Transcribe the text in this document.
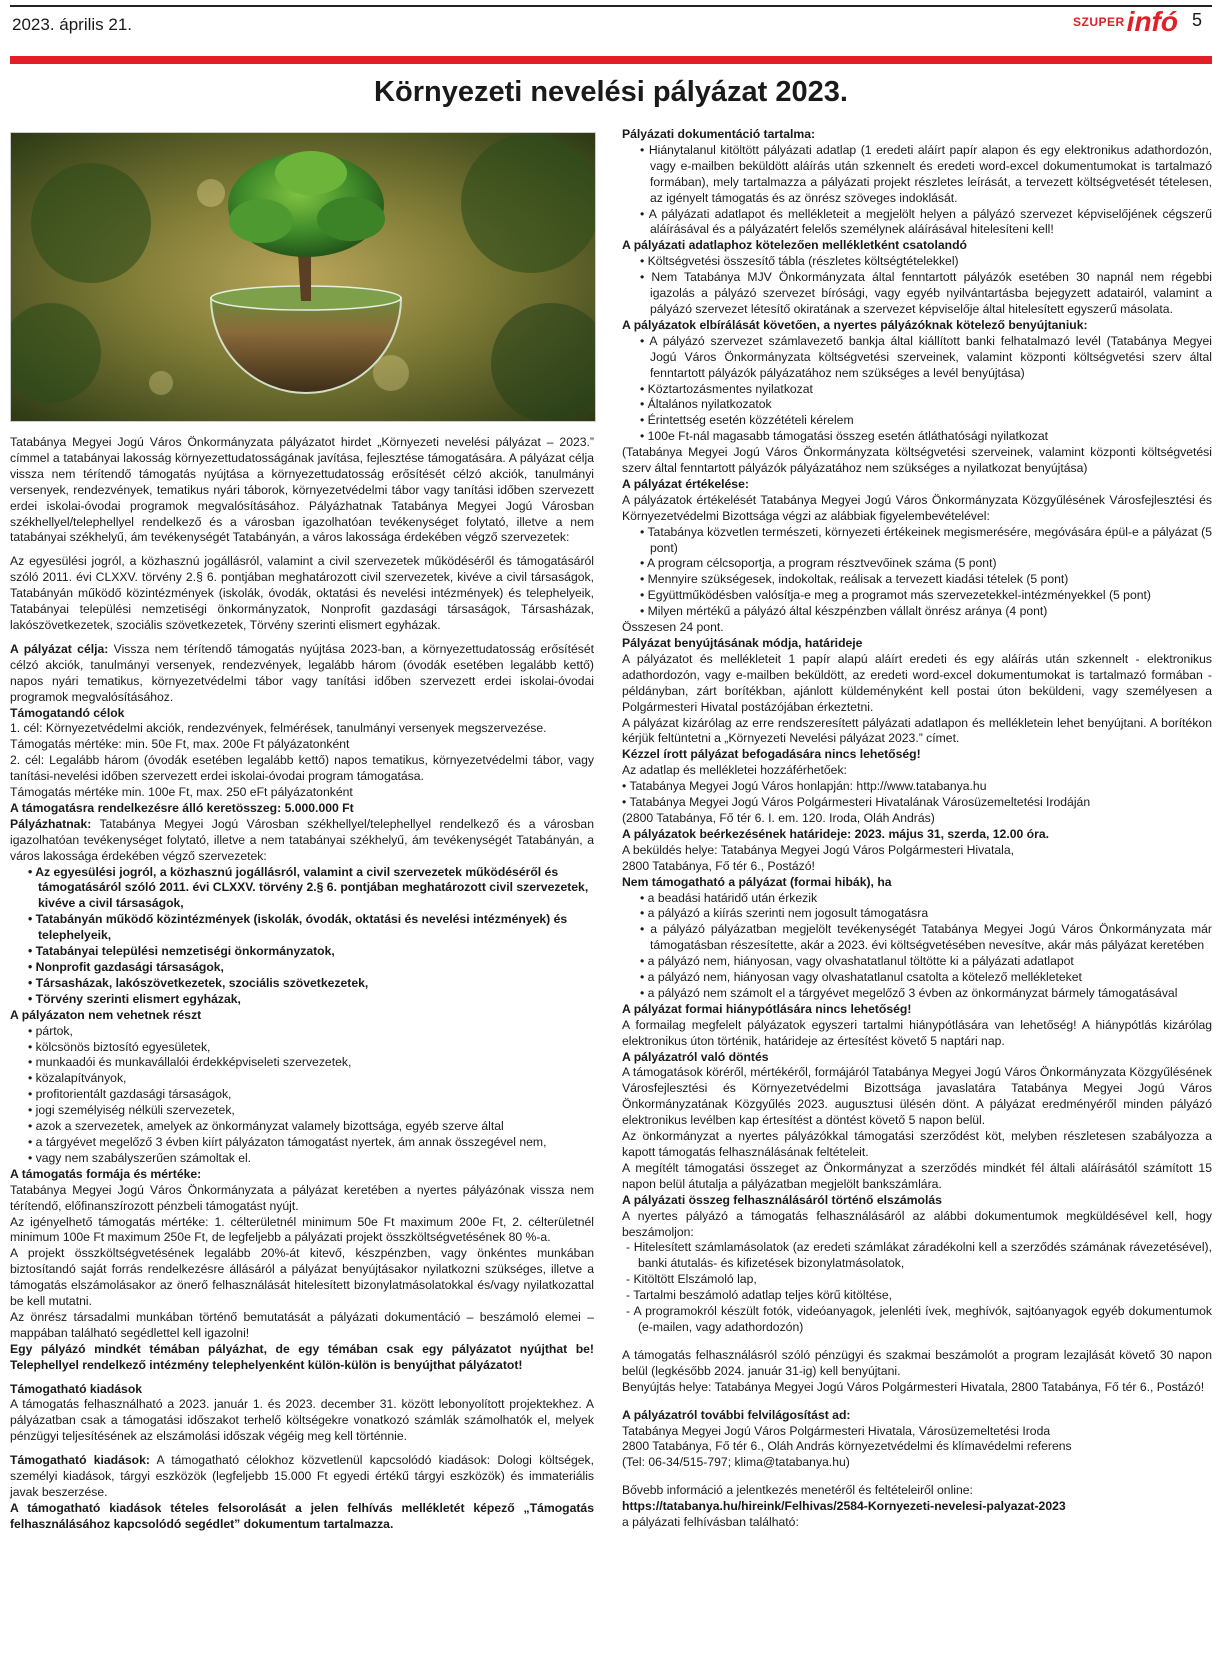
2023. április 21.	SZUPER infó 5
Környezeti nevelési pályázat 2023.

Tatabánya Megyei Jogú Város Önkormányzata pályázatot hirdet „Környezeti nevelési pályázat – 2023.” címmel a tatabányai lakosság környezettudatosságának javítása, fejlesztése támogatására. A pályázat célja vissza nem térítendő támogatás nyújtása a környezettudatosság erősítését célzó akciók, tanulmányi versenyek, rendezvények, tematikus nyári táborok, környezetvédelmi tábor vagy tanítási időben szervezett erdei iskolai-óvodai programok megvalósításához. Pályázhatnak Tatabánya Megyei Jogú Városban székhellyel/telephellyel rendelkező és a városban igazolhatóan tevékenységet folytató, illetve a nem tatabányai székhelyű, ám tevékenységét Tatabányán, a város lakossága érdekében végző szervezetek:

Az egyesülési jogról, a közhasznú jogállásról, valamint a civil szervezetek működéséről és támogatásáról szóló 2011. évi CLXXV. törvény 2.§ 6. pontjában meghatározott civil szervezetek, kivéve a civil társaságok, Tatabányán működő közintézmények (iskolák, óvodák, oktatási és nevelési intézmények) és telephelyeik, Tatabányai települési nemzetiségi önkormányzatok, Nonprofit gazdasági társaságok, Társasházak, lakószövetkezetek, szociális szövetkezetek, Törvény szerinti elismert egyházak.

A pályázat célja: Vissza nem térítendő támogatás nyújtása 2023-ban, a környezettudatosság erősítését célzó akciók, tanulmányi versenyek, rendezvények, legalább három (óvodák esetében legalább kettő) napos nyári tematikus, környezetvédelmi tábor vagy tanítási időben szervezett erdei iskolai-óvodai programok megvalósításához.

Támogatandó célok

1. cél: Környezetvédelmi akciók, rendezvények, felmérések, tanulmányi versenyek megszervezése.

Támogatás mértéke: min. 50e Ft, max. 200e Ft pályázatonként

2. cél: Legalább három (óvodák esetében legalább kettő) napos tematikus, környezetvédelmi tábor, vagy tanítási-nevelési időben szervezett erdei iskolai-óvodai program támogatása.

Támogatás mértéke min. 100e Ft, max. 250 eFt pályázatonként

A támogatásra rendelkezésre álló keretösszeg: 5.000.000 Ft

Pályázhatnak: Tatabánya Megyei Jogú Városban székhellyel/telephellyel rendelkező és a városban igazolhatóan tevékenységet folytató, illetve a nem tatabányai székhelyű, ám tevékenységét Tatabányán, a város lakossága érdekében végző szervezetek:

• Az egyesülési jogról, a közhasznú jogállásról, valamint a civil szervezetek működéséről és támogatásáról szóló 2011. évi CLXXV. törvény 2.§ 6. pontjában meghatározott civil szervezetek, kivéve a civil társaságok,

• Tatabányán működő közintézmények (iskolák, óvodák, oktatási és nevelési intézmények) és telephelyeik,

• Tatabányai települési nemzetiségi önkormányzatok,

• Nonprofit gazdasági társaságok,

• Társasházak, lakószövetkezetek, szociális szövetkezetek,

• Törvény szerinti elismert egyházak,

A pályázaton nem vehetnek részt

• pártok,

• kölcsönös biztosító egyesületek,

• munkaadói és munkavállalói érdekképviseleti szervezetek,

• közalapítványok,

• profitorientált gazdasági társaságok,

• jogi személyiség nélküli szervezetek,

• azok a szervezetek, amelyek az önkormányzat valamely bizottsága, egyéb szerve által

• a tárgyévet megelőző 3 évben kiírt pályázaton támogatást nyertek, ám annak összegével nem,

• vagy nem szabályszerűen számoltak el.

A támogatás formája és mértéke:

Tatabánya Megyei Jogú Város Önkormányzata a pályázat keretében a nyertes pályázónak vissza nem térítendő, előfinanszírozott pénzbeli támogatást nyújt.

Az igényelhető támogatás mértéke: 1. célterületnél minimum 50e Ft maximum 200e Ft, 2. célterületnél minimum 100e Ft maximum 250e Ft, de legfeljebb a pályázati projekt összköltségvetésének 80 %-a.

A projekt összköltségvetésének legalább 20%-át kitevő, készpénzben, vagy önkéntes munkában biztosítandó saját forrás rendelkezésre állásáról a pályázat benyújtásakor nyilatkozni szükséges, illetve a támogatás elszámolásakor az önerő felhasználását hitelesített bizonylatmásolatokkal és/vagy nyilatkozattal be kell mutatni.

Az önrész társadalmi munkában történő bemutatását a pályázati dokumentáció – beszámoló elemei – mappában található segédlettel kell igazolni!

Egy pályázó mindkét témában pályázhat, de egy témában csak egy pályázatot nyújthat be! Telephellyel rendelkező intézmény telephelyenként külön-külön is benyújthat pályázatot!

Támogatható kiadások

A támogatás felhasználható a 2023. január 1. és 2023. december 31. között lebonyolított projektekhez. A pályázatban csak a támogatási időszakot terhelő költségekre vonatkozó számlák számolhatók el, melyek pénzügyi teljesítésének az elszámolási időszak végéig meg kell történnie.

Támogatható kiadások: A támogatható célokhoz közvetlenül kapcsolódó kiadások: Dologi költségek, személyi kiadások, tárgyi eszközök (legfeljebb 15.000 Ft egyedi értékű tárgyi eszközök) és immateriális javak beszerzése.

A támogatható kiadások tételes felsorolását a jelen felhívás mellékletét képező „Támogatás felhasználásához kapcsolódó segédlet” dokumentum tartalmazza.

Pályázati dokumentáció tartalma:

• Hiánytalanul kitöltött pályázati adatlap (1 eredeti aláírt papír alapon és egy elektronikus adathordozón, vagy e-mailben beküldött aláírás után szkennelt és eredeti word-excel dokumentumokat is tartalmazó formában), mely tartalmazza a pályázati projekt részletes leírását, a tervezett költségvetését tételesen, az igényelt támogatás és az önrész szöveges indoklását.

• A pályázati adatlapot és mellékleteit a megjelölt helyen a pályázó szervezet képviselőjének cégszerű aláírásával és a pályázatért felelős személynek aláírásával hitelesíteni kell!

A pályázati adatlaphoz kötelezően mellékletként csatolandó

• Költségvetési összesítő tábla (részletes költségtételekkel)

• Nem Tatabánya MJV Önkormányzata által fenntartott pályázók esetében 30 napnál nem régebbi igazolás a pályázó szervezet bírósági, vagy egyéb nyilvántartásba bejegyzett adatairól, valamint a pályázó szervezet létesítő okiratának a szervezet képviselője által hitelesített egyszerű másolata.

A pályázatok elbírálását követően, a nyertes pályázóknak kötelező benyújtaniuk:

• A pályázó szervezet számlavezető bankja által kiállított banki felhatalmazó levél (Tatabánya Megyei Jogú Város Önkormányzata költségvetési szerveinek, valamint központi költségvetési szerv által fenntartott pályázók pályázatához nem szükséges a levél benyújtása)

• Köztartozásmentes nyilatkozat

• Általános nyilatkozatok

• Érintettség esetén közzétételi kérelem

• 100e Ft-nál magasabb támogatási összeg esetén átláthatósági nyilatkozat

(Tatabánya Megyei Jogú Város Önkormányzata költségvetési szerveinek, valamint központi költségvetési szerv által fenntartott pályázók pályázatához nem szükséges a nyilatkozat benyújtása)

A pályázat értékelése:

A pályázatok értékelését Tatabánya Megyei Jogú Város Önkormányzata Közgyűlésének Városfejlesztési és Környezetvédelmi Bizottsága végzi az alábbiak figyelembevételével:

• Tatabánya közvetlen természeti, környezeti értékeinek megismerésére, megóvására épül-e a pályázat (5 pont)

• A program célcsoportja, a program résztvevőinek száma (5 pont)

• Mennyire szükségesek, indokoltak, reálisak a tervezett kiadási tételek (5 pont)

• Együttműködésben valósítja-e meg a programot más szervezetekkel-intézményekkel (5 pont)

• Milyen mértékű a pályázó által készpénzben vállalt önrész aránya (4 pont)

Összesen 24 pont.

Pályázat benyújtásának módja, határideje

A pályázatot és mellékleteit 1 papír alapú aláírt eredeti és egy aláírás után szkennelt - elektronikus adathordozón, vagy e-mailben beküldött, az eredeti word-excel dokumentumokat is tartalmazó formában - példányban, zárt borítékban, ajánlott küldeményként kell postai úton beküldeni, vagy személyesen a Polgármesteri Hivatal postázójában érkeztetni.

A pályázat kizárólag az erre rendszeresített pályázati adatlapon és mellékletein lehet benyújtani. A borítékon kérjük feltüntetni a „Környezeti Nevelési pályázat 2023.” címet.

Kézzel írott pályázat befogadására nincs lehetőség!

Az adatlap és mellékletei hozzáférhetőek:

• Tatabánya Megyei Jogú Város honlapján: http://www.tatabanya.hu

• Tatabánya Megyei Jogú Város Polgármesteri Hivatalának Városüzemeltetési Irodáján

(2800 Tatabánya, Fő tér 6. I. em. 120. Iroda, Oláh András)

A pályázatok beérkezésének határideje: 2023. május 31, szerda, 12.00 óra.

A beküldés helye: Tatabánya Megyei Jogú Város Polgármesteri Hivatala,

2800 Tatabánya, Fő tér 6., Postázó!

Nem támogatható a pályázat (formai hibák), ha

• a beadási határidő után érkezik

• a pályázó a kiírás szerinti nem jogosult támogatásra

• a pályázó pályázatban megjelölt tevékenységét Tatabánya Megyei Jogú Város Önkormányzata már támogatásban részesítette, akár a 2023. évi költségvetésében nevesítve, akár más pályázat keretében

• a pályázó nem, hiányosan, vagy olvashatatlanul töltötte ki a pályázati adatlapot

• a pályázó nem, hiányosan vagy olvashatatlanul csatolta a kötelező mellékleteket

• a pályázó nem számolt el a tárgyévet megelőző 3 évben az önkormányzat bármely támogatásával

A pályázat formai hiánypótlására nincs lehetőség!

A formailag megfelelt pályázatok egyszeri tartalmi hiánypótlására van lehetőség! A hiánypótlás kizárólag elektronikus úton történik, határideje az értesítést követő 5 naptári nap.

A pályázatról való döntés

A támogatások köréről, mértékéről, formájáról Tatabánya Megyei Jogú Város Önkormányzata Közgyűlésének Városfejlesztési és Környezetvédelmi Bizottsága javaslatára Tatabánya Megyei Jogú Város Önkormányzatának Közgyűlés 2023. augusztusi ülésén dönt. A pályázat eredményéről minden pályázó elektronikus levélben kap értesítést a döntést követő 5 napon belül.

Az önkormányzat a nyertes pályázókkal támogatási szerződést köt, melyben részletesen szabályozza a kapott támogatás felhasználásának feltételeit.

A megítélt támogatási összeget az Önkormányzat a szerződés mindkét fél általi aláírásától számított 15 napon belül átutalja a pályázatban megjelölt bankszámlára.

A pályázati összeg felhasználásáról történő elszámolás

A nyertes pályázó a támogatás felhasználásáról az alábbi dokumentumok megküldésével kell, hogy beszámoljon:

- Hitelesített számlamásolatok (az eredeti számlákat záradékolni kell a szerződés számának rávezetésével), banki átutalás- és kifizetések bizonylatmásolatok,

- Kitöltött Elszámoló lap,

- Tartalmi beszámoló adatlap teljes körű kitöltése,

- A programokról készült fotók, videóanyagok, jelenléti ívek, meghívók, sajtóanyagok egyéb dokumentumok (e-mailen, vagy adathordozón)

A támogatás felhasználásról szóló pénzügyi és szakmai beszámolót a program lezajlását követő 30 napon belül (legkésőbb 2024. január 31-ig) kell benyújtani.

Benyújtás helye: Tatabánya Megyei Jogú Város Polgármesteri Hivatala, 2800 Tatabánya, Fő tér 6., Postázó!

A pályázatról további felvilágosítást ad:

Tatabánya Megyei Jogú Város Polgármesteri Hivatala, Városüzemeltetési Iroda

2800 Tatabánya, Fő tér 6., Oláh András környezetvédelmi és klímavédelmi referens

(Tel: 06-34/515-797; klima@tatabanya.hu)

Bővebb információ a jelentkezés menetéről és feltételeiről online:

https://tatabanya.hu/hireink/Felhivas/2584-Kornyezeti-nevelesi-palyazat-2023

a pályázati felhívásban található:
